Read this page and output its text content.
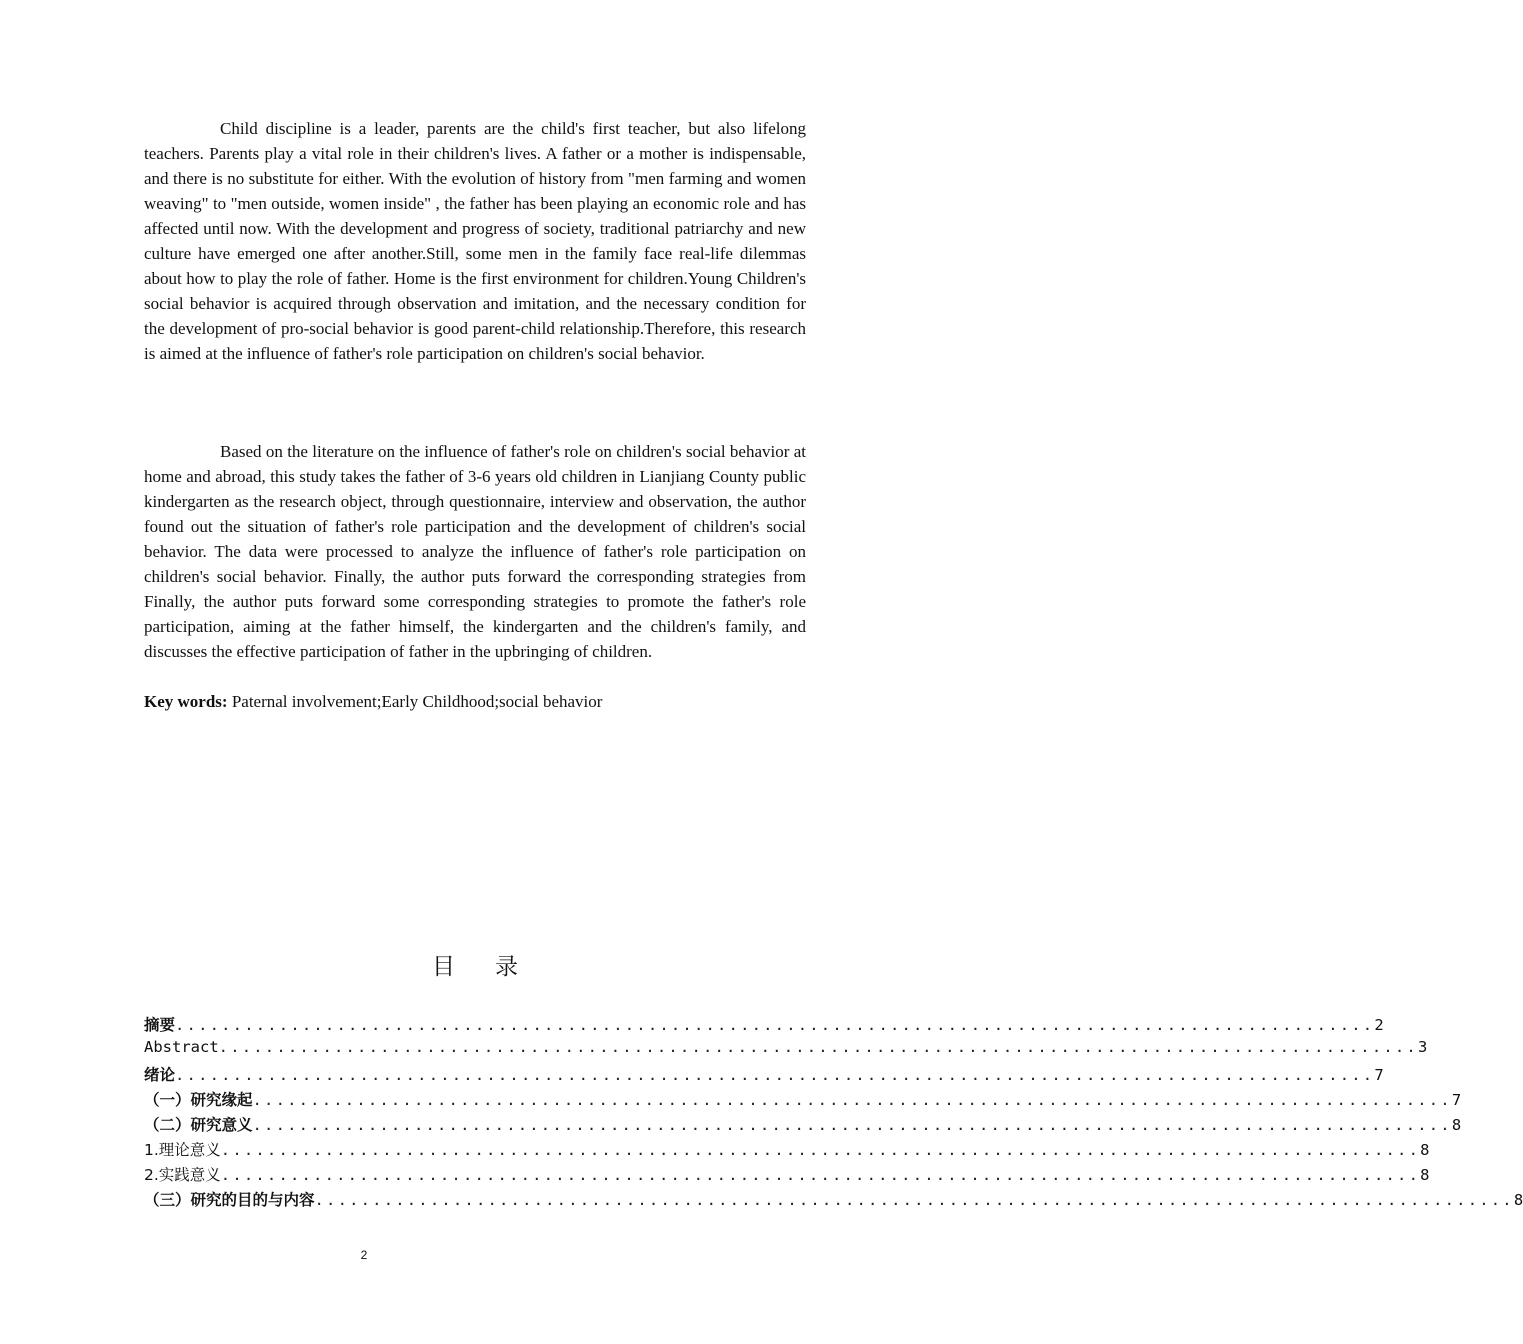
Child discipline is a leader, parents are the child's first teacher, but also lifelong teachers. Parents play a vital role in their children's lives. A father or a mother is indispensable, and there is no substitute for either. With the evolution of history from "men farming and women weaving" to "men outside, women inside" , the father has been playing an economic role and has affected until now. With the development and progress of society, traditional patriarchy and new culture have emerged one after another.Still, some men in the family face real-life dilemmas about how to play the role of father. Home is the first environment for children.Young Children's social behavior is acquired through observation and imitation, and the necessary condition for the development of pro-social behavior is good parent-child relationship.Therefore, this research is aimed at the influence of father's role participation on children's social behavior.
Based on the literature on the influence of father's role on children's social behavior at home and abroad, this study takes the father of 3-6 years old children in Lianjiang County public kindergarten as the research object, through questionnaire, interview and observation, the author found out the situation of father's role participation and the development of children's social behavior. The data were processed to analyze the influence of father's role participation on children's social behavior. Finally, the author puts forward the corresponding strategies from Finally, the author puts forward some corresponding strategies to promote the father's role participation, aiming at the father himself, the kindergarten and the children's family, and discusses the effective participation of father in the upbringing of children.
Key words: Paternal involvement;Early Childhood;social behavior
目录
摘要 ........................................................................................................ 2
Abstract ........................................................................................................ 3
绪论 ........................................................................................................ 7
（一）研究缘起 ........................................................................................................ 7
（二）研究意义 ........................................................................................................ 8
1.理论意义 ........................................................................................................ 8
2.实践意义 ........................................................................................................ 8
（三）研究的目的与内容 ........................................................................................................ 8
2
